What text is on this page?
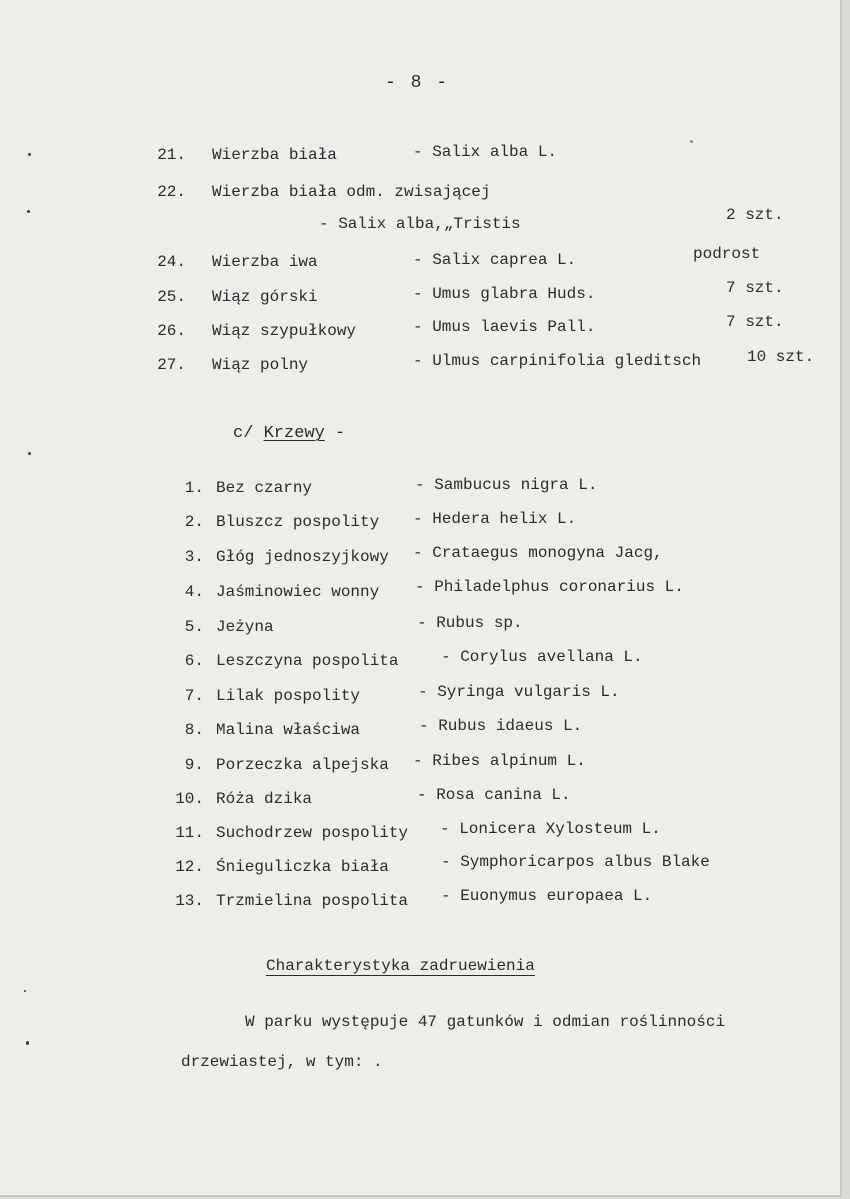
- 8 -
21. Wierzba biała	- Salix alba L.
22. Wierzba biała odm. zwisającej
- Salix alba,„Tristis	2 szt.
24. Wierzba iwa	- Salix caprea L.	podrost
25. Wiąz górski	- Umus glabra Huds.	7 szt.
26. Wiąz szypułkowy	- Umus laevis Pall.	7 szt.
27. Wiąz polny	- Ulmus carpinifolia gleditsch	10 szt.
c/ Krzewy -
1. Bez czarny	- Sambucus nigra L.
2. Bluszcz pospolity - Hedera helix L.
3. Głóg jednoszyjkowy - Crataegus monogyna Jacg,
4. Jaśminowiec wonny - Philadelphus coronarius L.
5. Jeżyna	- Rubus sp.
6. Leszczyna pospolita	- Corylus avellana L.
7. Lilak pospolity	- Syringa vulgaris L.
8. Malina właściwa	- Rubus idaeus L.
9. Porzeczka alpejska - Ribes alpinum L.
10. Róża dzika	- Rosa canina L.
11. Suchodrzew pospolity - Lonicera Xylosteum L.
12. Śnieguliczka biała	- Symphoricarpos albus Blake
13. Trzmielina pospolita - Euonymus europaea L.
Charakterystyka zadruewienia
W parku występuje 47 gatunków i odmian roślinności
drzewiastej, w tym: .
